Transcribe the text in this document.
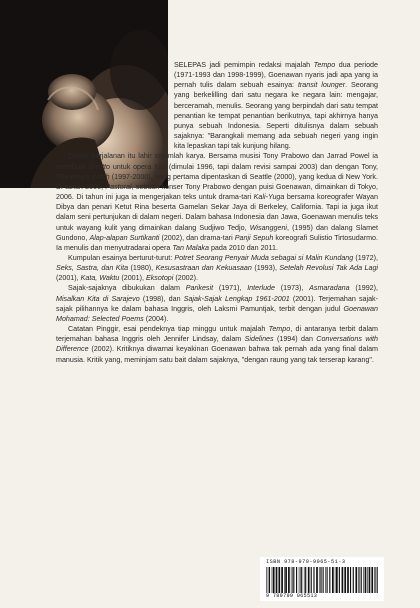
SELEPAS jadi pemimpin redaksi majalah Tempo dua periode (1971-1993 dan 1998-1999), Goenawan nyaris jadi apa yang ia pernah tulis dalam sebuah esainya: transit lounger. Seorang yang berkelilling dari satu negara ke negara lain: mengajar, berceramah, menulis. Seorang yang berpindah dari satu tempat penantian ke tempat penantian berikutnya, tapi akhirnya hanya punya sebuah Indonesia. Seperti ditulisnya dalam sebuah sajaknya: "Barangkali memang ada sebuah negeri yang ingin kita lepaskan tapi tak kunjung hilang.

Dalam perjalanan itu lahir sejumlah karya. Bersama musisi Tony Prabowo dan Jarrad Powel ia membuat libretto untuk opera Kali (dimulai 1996, tapi dalam revisi sampai 2003) dan dengan Tony, The King's Witch (1997-2000). Yang pertama dipentaskan di Seattle (2000), yang kedua di New York. Di tahun 2006, Pastoral, sebuah konser Tony Prabowo dengan puisi Goenawan, dimainkan di Tokyo, 2006. Di tahun ini juga ia mengerjakan teks untuk drama-tari Kali-Yuga bersama koreografer Wayan Dibya dan penari Ketut Rina beserta Gamelan Sekar Jaya di Berkeley, California. Tapi ia juga ikut dalam seni pertunjukan di dalam negeri. Dalam bahasa Indonesia dan Jawa, Goenawan menulis teks untuk wayang kulit yang dimainkan dalang Sudjiwo Tedjo, Wisanggeni, (1995) dan dalang Slamet Gundono, Alap-alapan Surtikanti (2002), dan drama-tari Panji Sepuh koreografi Sulistio Tirtosudarmo. Ia menulis dan menyutradarai opera Tan Malaka pada 2010 dan 2011.

Kumpulan esainya berturut-turut: Potret Seorang Penyair Muda sebagai si Malin Kundang (1972), Seks, Sastra, dan Kita (1980), Kesusastraan dan Kekuasaan (1993), Setelah Revolusi Tak Ada Lagi (2001), Kata, Waktu (2001), Eksotopi (2002).

Sajak-sajaknya dibukukan dalam Parikesit (1971), Interlude (1973), Asmaradana (1992), Misalkan Kita di Sarajevo (1998), dan Sajak-Sajak Lengkap 1961-2001 (2001). Terjemahan sajak-sajak pilihannya ke dalam bahasa Inggris, oleh Laksmi Pamuntjak, terbit dengan judul Goenawan Mohamad: Selected Poems (2004).

Catatan Pinggir, esai pendeknya tiap minggu untuk majalah Tempo, di antaranya terbit dalam terjemahan bahasa Inggris oleh Jennifer Lindsay, dalam Sidelines (1994) dan Conversations with Difference (2002). Kritiknya diwarnai keyakinan Goenawan bahwa tak pernah ada yang final dalam manusia. Kritik yang, meminjam satu bait dalam sajaknya, "dengan raung yang tak terserap karang".

ISBN 978-979-9065-51-3
9 789799 065513
